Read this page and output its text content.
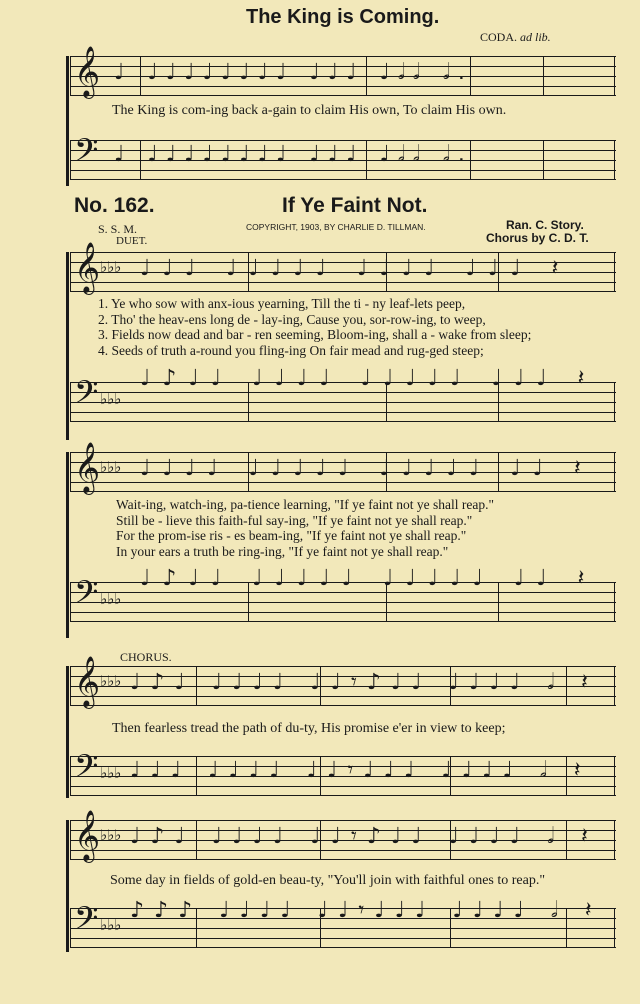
The King is Coming.
CODA. ad lib.
𝄞 ♩ ♩♩♩♩♩♩♩♩ ♩♩♩ ♩𝅗𝅥𝅗𝅥 𝅗𝅥.
The King is com-ing back a-gain to claim His own, To claim His own.
𝄢 ♩ ♩♩♩♩♩♩♩♩ ♩♩♩ ♩𝅗𝅥𝅗𝅥 𝅗𝅥.
No. 162.	If Ye Faint Not.
S. S. M.
DUET.
COPYRIGHT, 1903, BY CHARLIE D. TILLMAN.	Ran. C. Story.
Chorus by C. D. T.
𝄞 ♭♭♭ ♩♩♩ ♩♩♩♩♩ ♩♩♩♩ ♩♩♩ 𝄽
1. Ye who sow with anx-ious yearning, Till the ti - ny leaf-lets peep,
2. Tho' the heav-ens long de - lay-ing, Cause you, sor-row-ing, to weep,
3. Fields now dead and bar - ren seeming, Bloom-ing, shall a - wake from sleep;
4. Seeds of truth a-round you fling-ing On fair mead and rug-ged steep;
𝄢 ♭♭♭
♩♪♩♩ ♩♩♩♩ ♩♩♩♩♩ ♩♩♩ 𝄽
𝄞 ♭♭♭ ♩♩♩♩ ♩♩♩♩♩ ♩♩♩♩♩ ♩♩ 𝄽
Wait-ing, watch-ing, pa-tience learning, "If ye faint not ye shall reap."
Still be - lieve this faith-ful say-ing, "If ye faint not ye shall reap."
For the prom-ise ris - es beam-ing, "If ye faint not ye shall reap."
In your ears a truth be ring-ing, "If ye faint not ye shall reap."
𝄢 ♭♭♭
♩♪♩♩ ♩♩♩♩♩ ♩♩♩♩♩ ♩♩ 𝄽
CHORUS.
𝄞 ♭♭♭ ♩♪♩ ♩♩♩♩ ♩♩𝄾♪♩♩ ♩♩♩♩ 𝅗𝅥 𝄽
Then fearless tread the path of du-ty, His promise e'er in view to keep;
𝄢 ♭♭♭ ♩♩♩ ♩♩♩♩ ♩♩𝄾♩♩♩ ♩♩♩♩ 𝅗𝅥 𝄽
𝄞 ♭♭♭ ♩♪♩ ♩♩♩♩ ♩♩𝄾♪♩♩ ♩♩♩♩ 𝅗𝅥 𝄽
Some day in fields of gold-en beau-ty, "You'll join with faithful ones to reap."
𝄢 ♭♭♭
♪♪♪ ♩♩♩♩ ♩♩𝄾♩♩♩ ♩♩♩♩ 𝅗𝅥 𝄽
